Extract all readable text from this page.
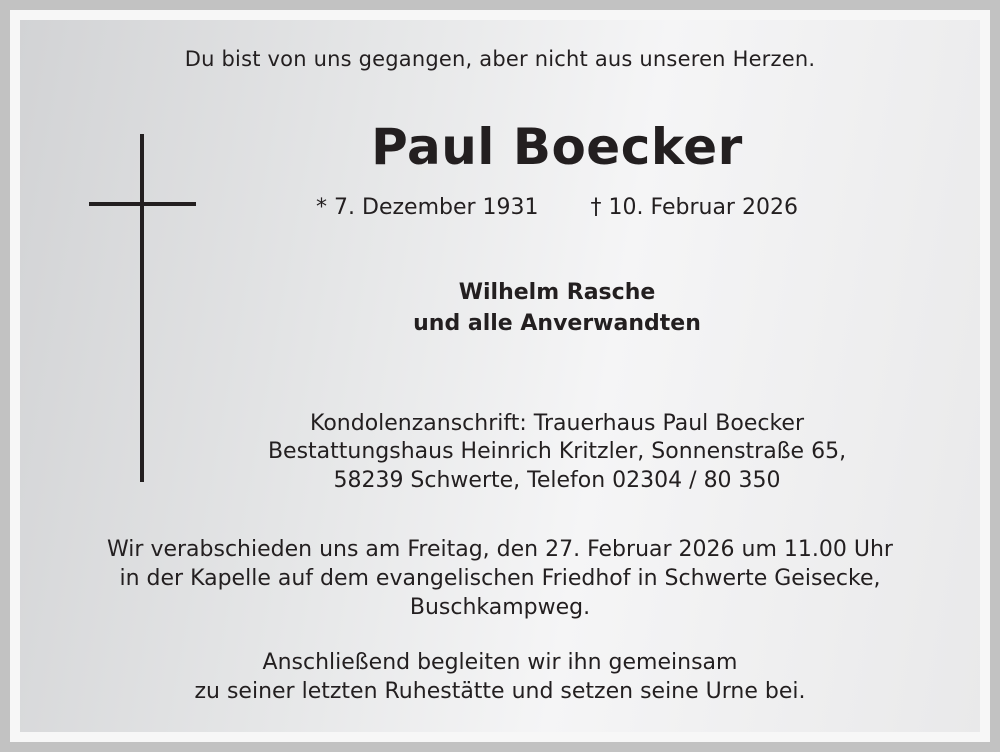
Du bist von uns gegangen, aber nicht aus unseren Herzen.
Paul Boecker
* 7. Dezember 1931 † 10. Februar 2026
Wilhelm Rasche
und alle Anverwandten
Kondolenzanschrift: Trauerhaus Paul Boecker
Bestattungshaus Heinrich Kritzler, Sonnenstraße 65,
58239 Schwerte, Telefon 02304 / 80 350
Wir verabschieden uns am Freitag, den 27. Februar 2026 um 11.00 Uhr
in der Kapelle auf dem evangelischen Friedhof in Schwerte Geisecke,
Buschkampweg.
Anschließend begleiten wir ihn gemeinsam
zu seiner letzten Ruhestätte und setzen seine Urne bei.
